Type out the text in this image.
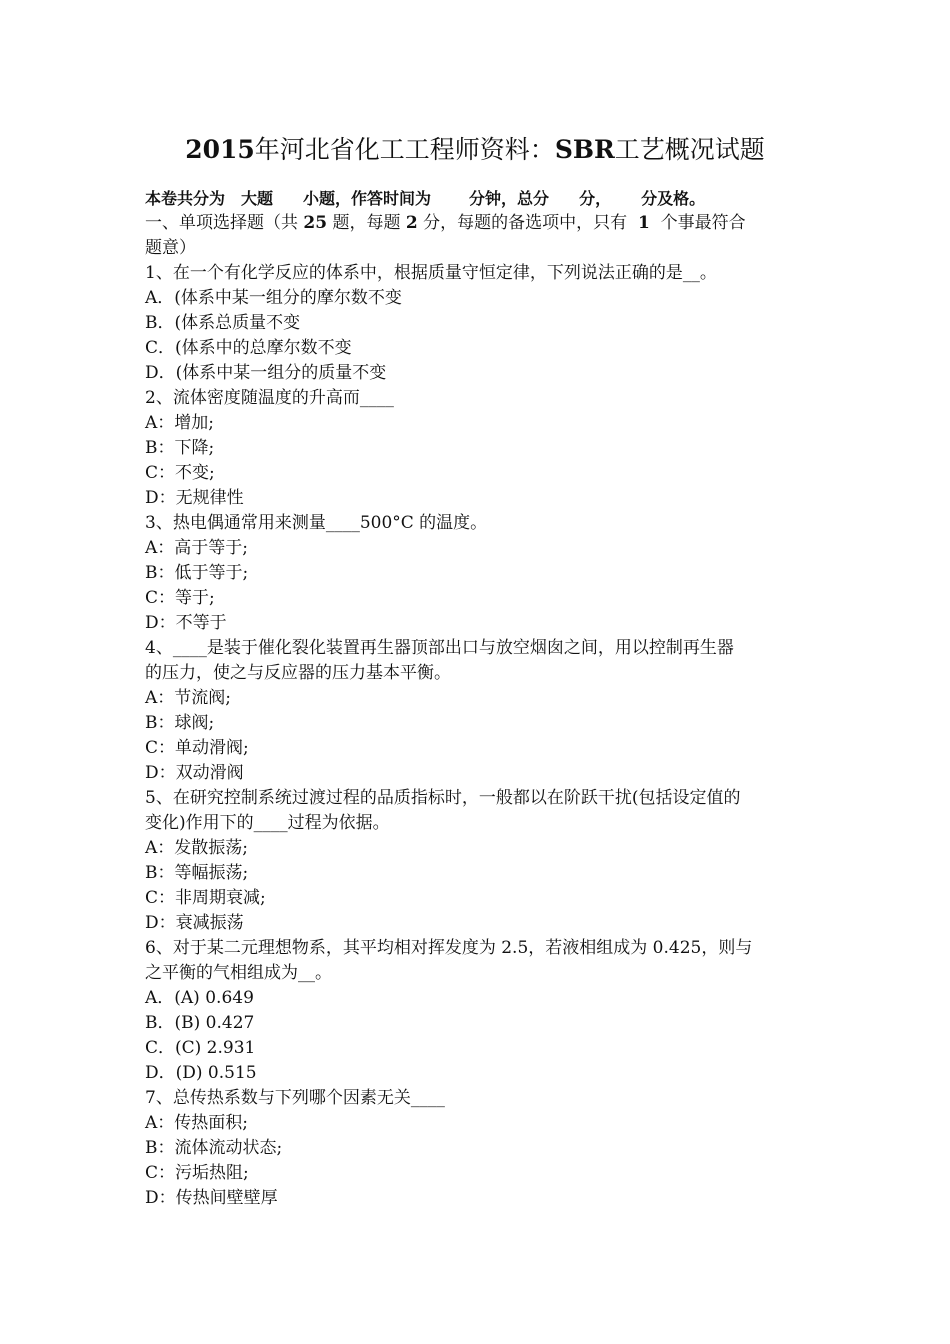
2015年河北省化工工程师资料：SBR工艺概况试题
本卷共分为 大题 小题，作答时间为 分钟，总分 分， 分及格。
一、单项选择题（共 25 题，每题 2 分，每题的备选项中，只有 1 个事最符合
题意）
1、在一个有化学反应的体系中，根据质量守恒定律，下列说法正确的是__。
A．(体系中某一组分的摩尔数不变
B．(体系总质量不变
C．(体系中的总摩尔数不变
D．(体系中某一组分的质量不变
2、流体密度随温度的升高而____
A：增加;
B：下降;
C：不变;
D：无规律性
3、热电偶通常用来测量____500°C 的温度。
A：高于等于;
B：低于等于;
C：等于;
D：不等于
4、____是装于催化裂化装置再生器顶部出口与放空烟囱之间，用以控制再生器
的压力，使之与反应器的压力基本平衡。
A：节流阀;
B：球阀;
C：单动滑阀;
D：双动滑阀
5、在研究控制系统过渡过程的品质指标时，一般都以在阶跃干扰(包括设定值的
变化)作用下的____过程为依据。
A：发散振荡;
B：等幅振荡;
C：非周期衰减;
D：衰减振荡
6、对于某二元理想物系，其平均相对挥发度为 2.5，若液相组成为 0.425，则与
之平衡的气相组成为__。
A．(A) 0.649
B．(B) 0.427
C．(C) 2.931
D．(D) 0.515
7、总传热系数与下列哪个因素无关____
A：传热面积;
B：流体流动状态;
C：污垢热阻;
D：传热间壁壁厚
